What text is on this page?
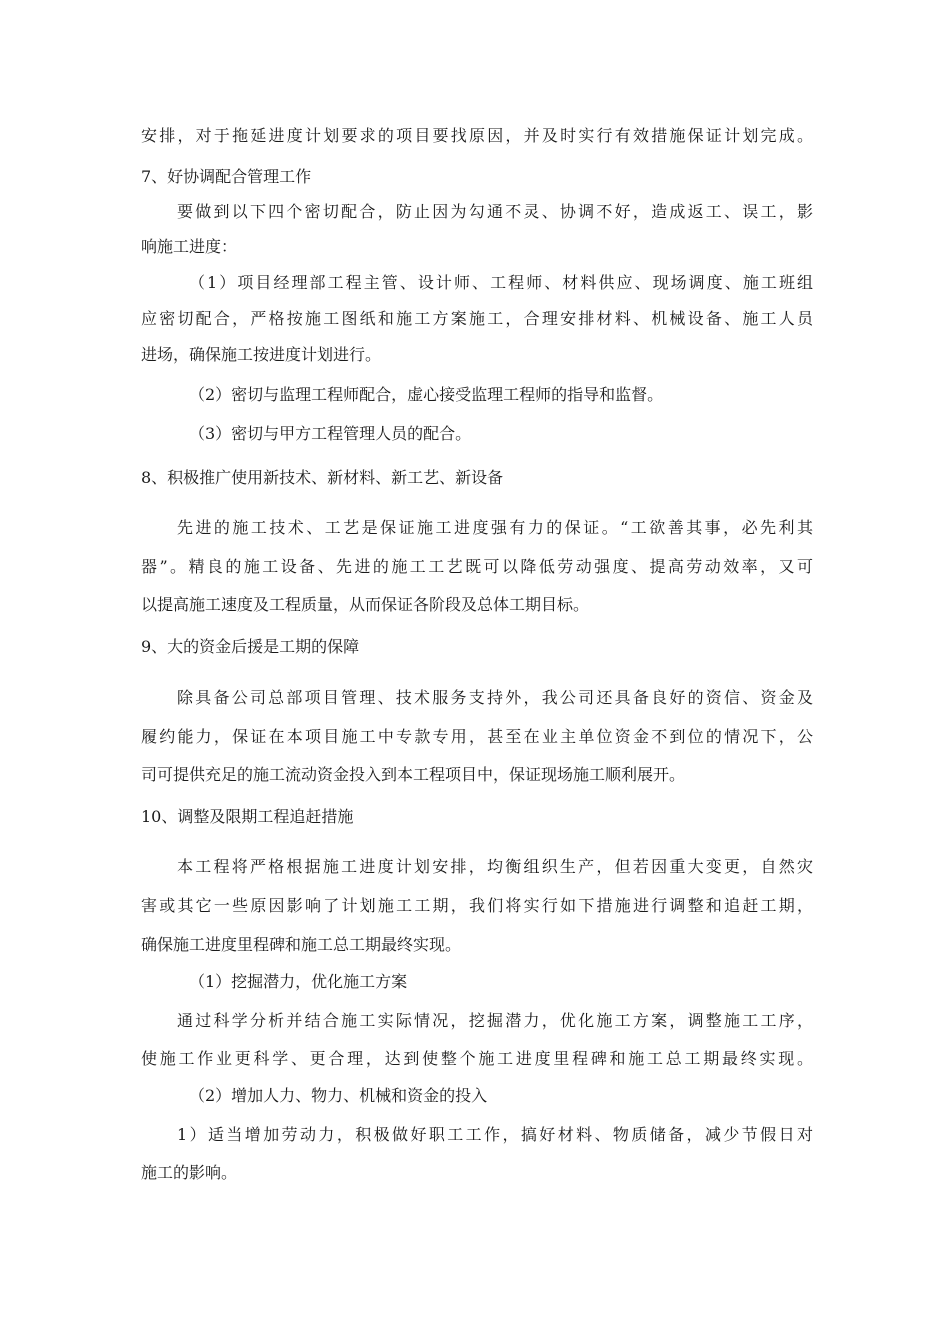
安排，对于拖延进度计划要求的项目要找原因，并及时实行有效措施保证计划完成。
7、好协调配合管理工作
要做到以下四个密切配合，防止因为勾通不灵、协调不好，造成返工、误工，影
响施工进度：
（1）项目经理部工程主管、设计师、工程师、材料供应、现场调度、施工班组
应密切配合，严格按施工图纸和施工方案施工，合理安排材料、机械设备、施工人员
进场，确保施工按进度计划进行。
（2）密切与监理工程师配合，虚心接受监理工程师的指导和监督。
（3）密切与甲方工程管理人员的配合。
8、积极推广使用新技术、新材料、新工艺、新设备
先进的施工技术、工艺是保证施工进度强有力的保证。“工欲善其事，必先利其
器”。精良的施工设备、先进的施工工艺既可以降低劳动强度、提高劳动效率，又可
以提高施工速度及工程质量，从而保证各阶段及总体工期目标。
9、大的资金后援是工期的保障
除具备公司总部项目管理、技术服务支持外，我公司还具备良好的资信、资金及
履约能力，保证在本项目施工中专款专用，甚至在业主单位资金不到位的情况下，公
司可提供充足的施工流动资金投入到本工程项目中，保证现场施工顺利展开。
10、调整及限期工程追赶措施
本工程将严格根据施工进度计划安排，均衡组织生产，但若因重大变更，自然灾
害或其它一些原因影响了计划施工工期，我们将实行如下措施进行调整和追赶工期，
确保施工进度里程碑和施工总工期最终实现。
（1）挖掘潜力，优化施工方案
通过科学分析并结合施工实际情况，挖掘潜力，优化施工方案，调整施工工序，
使施工作业更科学、更合理，达到使整个施工进度里程碑和施工总工期最终实现。
（2）增加人力、物力、机械和资金的投入
1）适当增加劳动力，积极做好职工工作，搞好材料、物质储备，减少节假日对
施工的影响。
